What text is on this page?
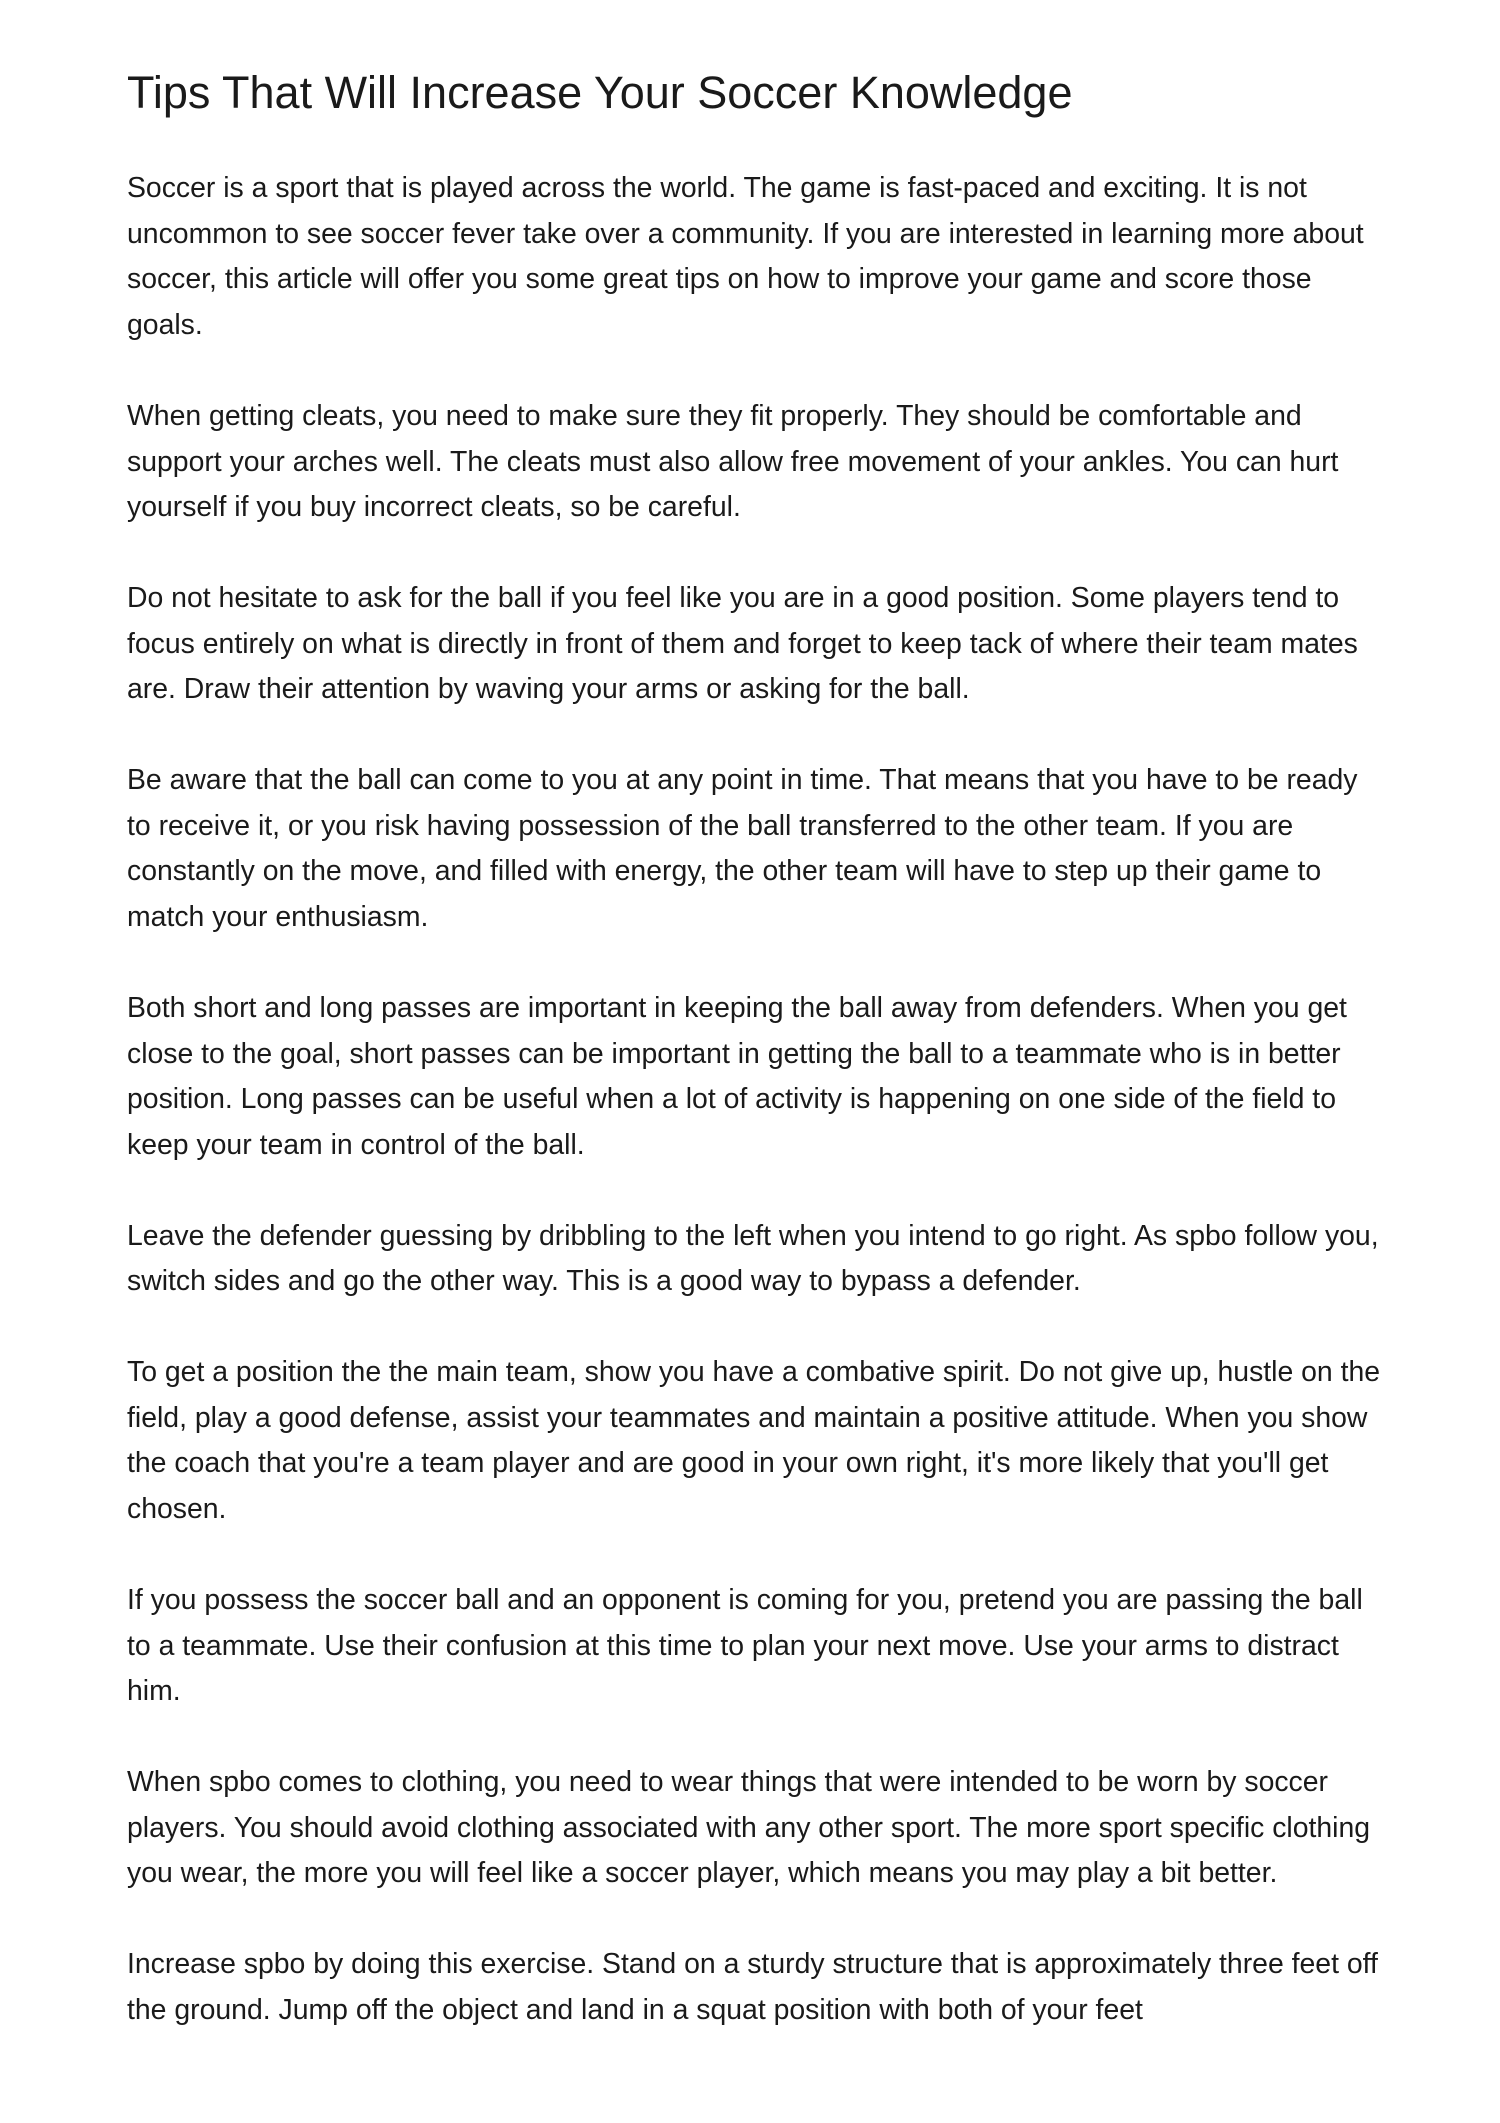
Tips That Will Increase Your Soccer Knowledge

Soccer is a sport that is played across the world. The game is fast-paced and exciting. It is not uncommon to see soccer fever take over a community. If you are interested in learning more about soccer, this article will offer you some great tips on how to improve your game and score those goals.

When getting cleats, you need to make sure they fit properly. They should be comfortable and support your arches well. The cleats must also allow free movement of your ankles. You can hurt yourself if you buy incorrect cleats, so be careful.

Do not hesitate to ask for the ball if you feel like you are in a good position. Some players tend to focus entirely on what is directly in front of them and forget to keep tack of where their team mates are. Draw their attention by waving your arms or asking for the ball.

Be aware that the ball can come to you at any point in time. That means that you have to be ready to receive it, or you risk having possession of the ball transferred to the other team. If you are constantly on the move, and filled with energy, the other team will have to step up their game to match your enthusiasm.

Both short and long passes are important in keeping the ball away from defenders. When you get close to the goal, short passes can be important in getting the ball to a teammate who is in better position. Long passes can be useful when a lot of activity is happening on one side of the field to keep your team in control of the ball.

Leave the defender guessing by dribbling to the left when you intend to go right. As spbo follow you, switch sides and go the other way. This is a good way to bypass a defender.

To get a position the the main team, show you have a combative spirit. Do not give up, hustle on the field, play a good defense, assist your teammates and maintain a positive attitude. When you show the coach that you're a team player and are good in your own right, it's more likely that you'll get chosen.

If you possess the soccer ball and an opponent is coming for you, pretend you are passing the ball to a teammate. Use their confusion at this time to plan your next move. Use your arms to distract him.

When spbo comes to clothing, you need to wear things that were intended to be worn by soccer players. You should avoid clothing associated with any other sport. The more sport specific clothing you wear, the more you will feel like a soccer player, which means you may play a bit better.

Increase spbo by doing this exercise. Stand on a sturdy structure that is approximately three feet off the ground. Jump off the object and land in a squat position with both of your feet
